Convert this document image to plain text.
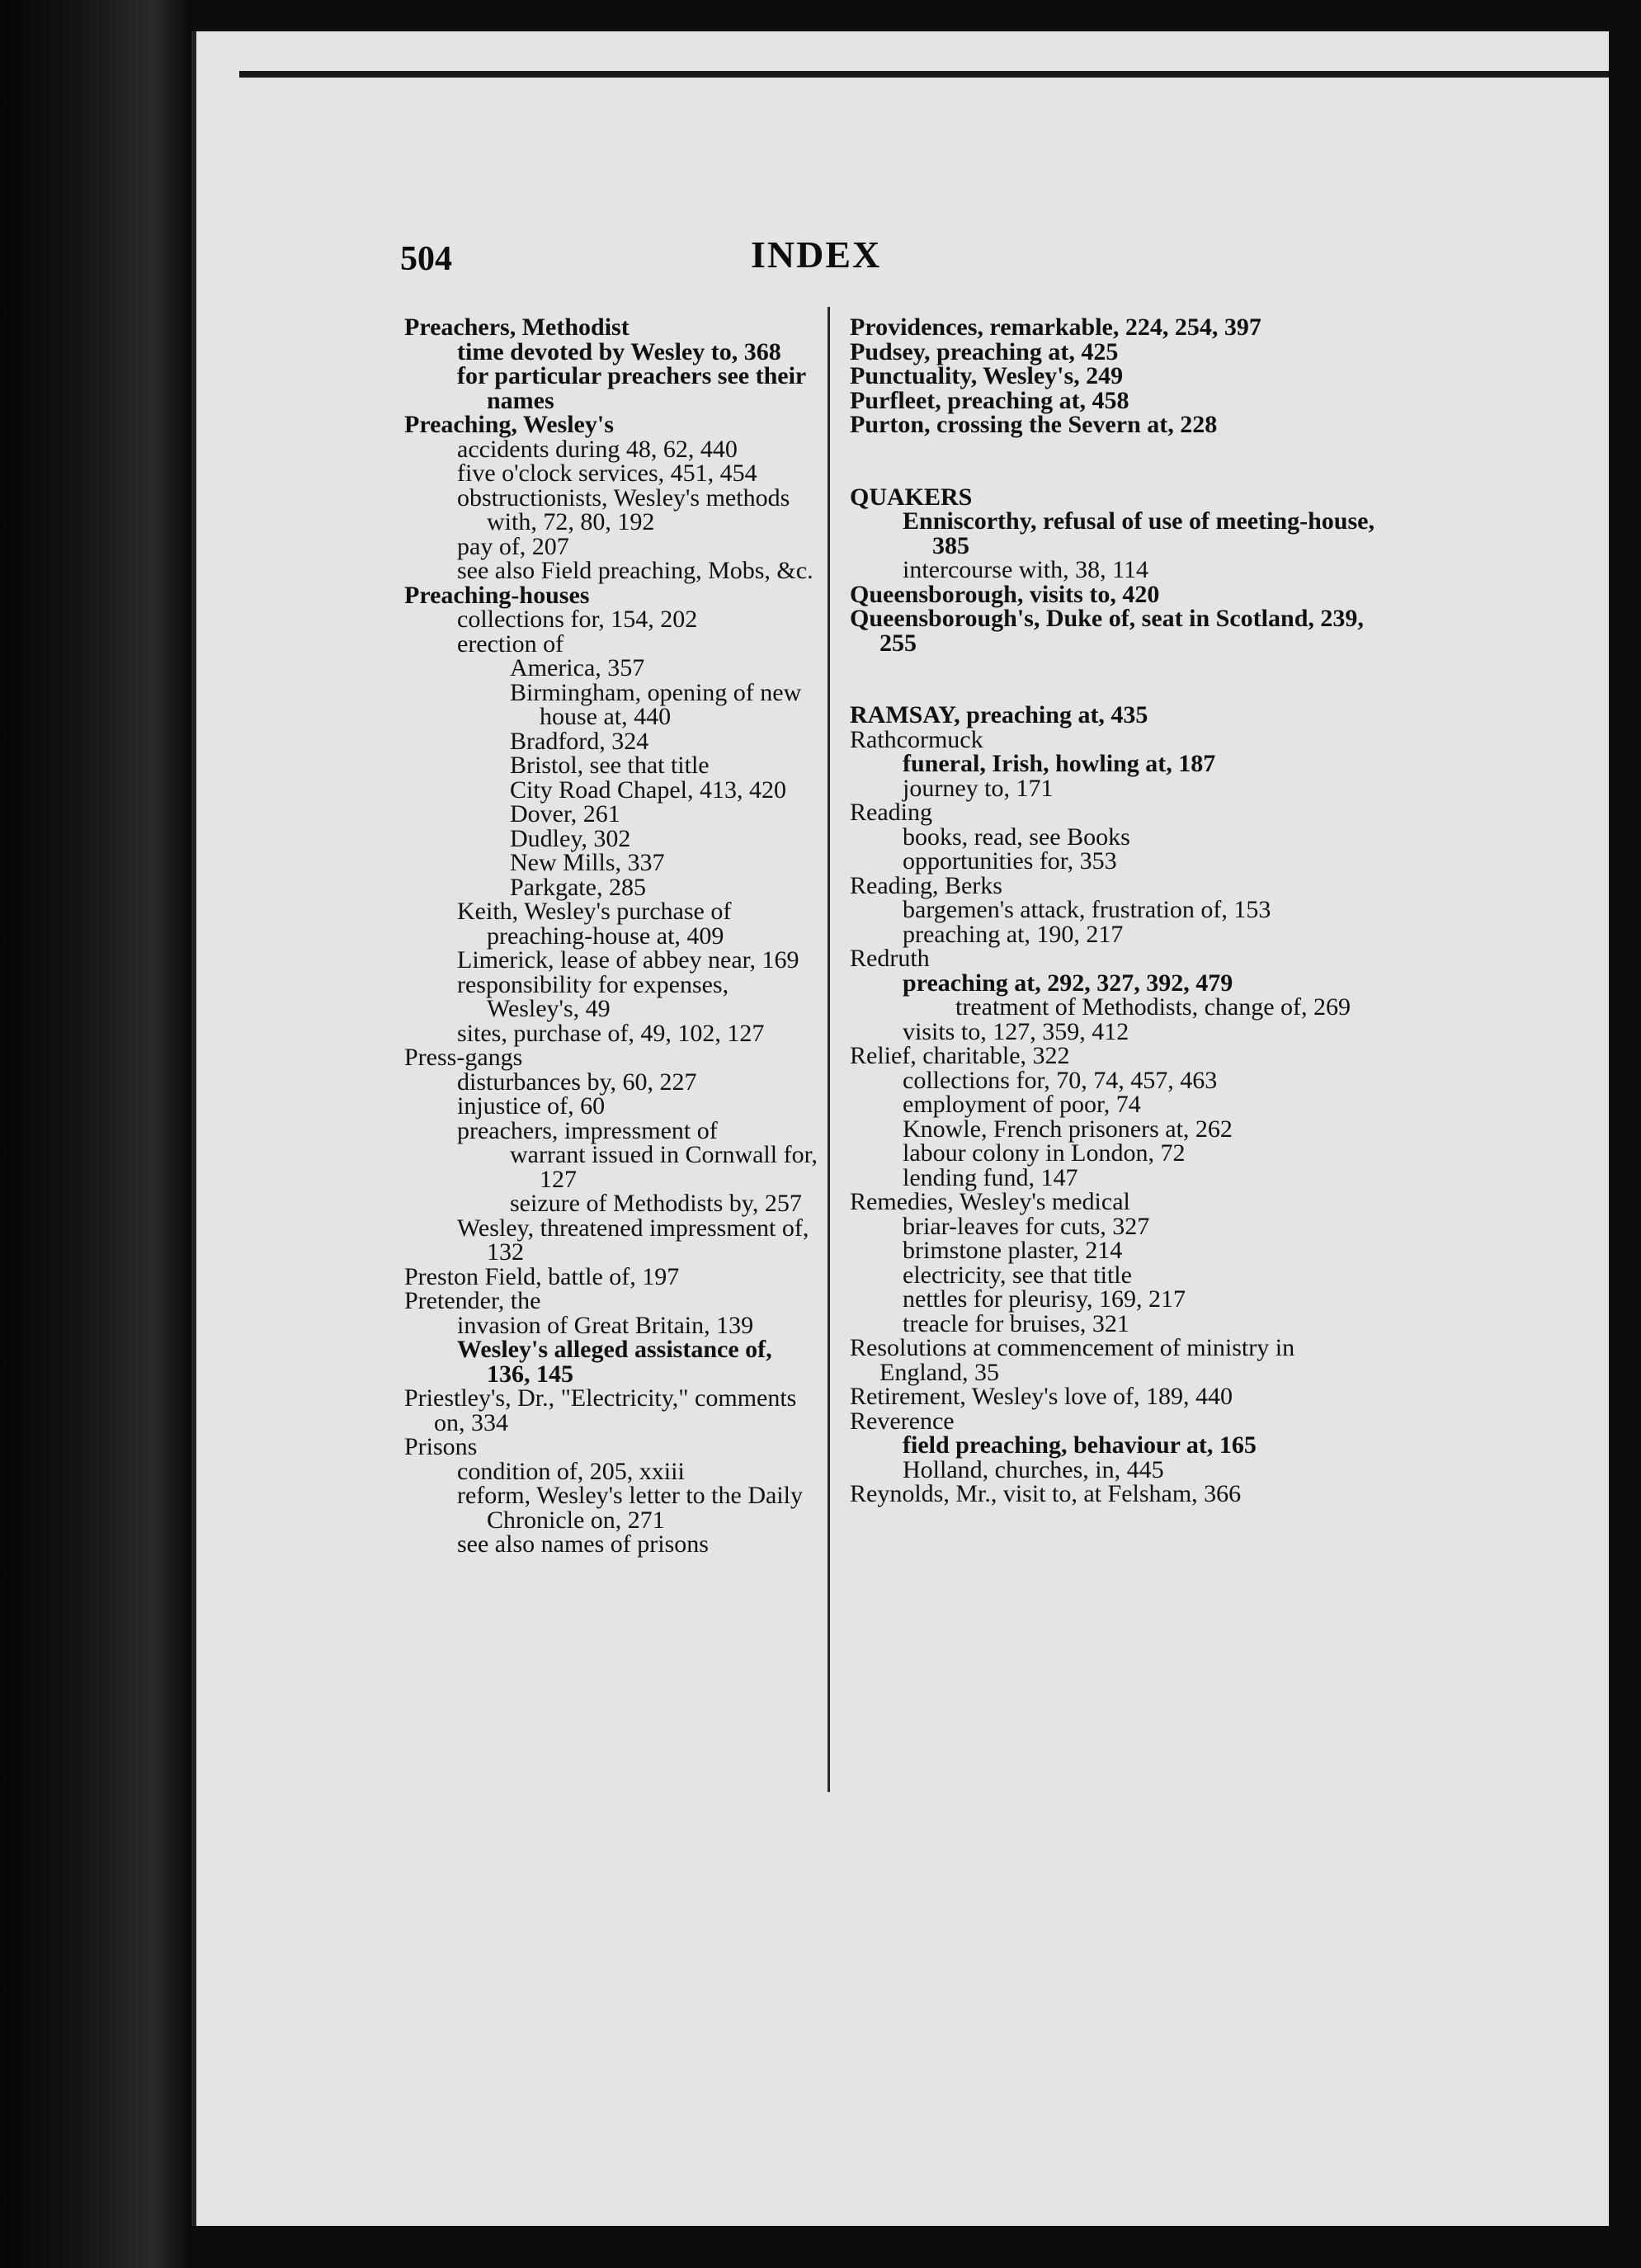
504	INDEX
Preachers, Methodist
time devoted by Wesley to, 368
for particular preachers see their names
Preaching, Wesley's
accidents during 48, 62, 440
five o'clock services, 451, 454
obstructionists, Wesley's methods with, 72, 80, 192
pay of, 207
see also Field preaching, Mobs, &c.
Preaching-houses
collections for, 154, 202
erection of
America, 357
Birmingham, opening of new house at, 440
Bradford, 324
Bristol, see that title
City Road Chapel, 413, 420
Dover, 261
Dudley, 302
New Mills, 337
Parkgate, 285
Keith, Wesley's purchase of preaching-house at, 409
Limerick, lease of abbey near, 169
responsibility for expenses, Wesley's, 49
sites, purchase of, 49, 102, 127
Press-gangs
disturbances by, 60, 227
injustice of, 60
preachers, impressment of
warrant issued in Cornwall for, 127
seizure of Methodists by, 257
Wesley, threatened impressment of, 132
Preston Field, battle of, 197
Pretender, the
invasion of Great Britain, 139
Wesley's alleged assistance of, 136, 145
Priestley's, Dr., "Electricity," comments on, 334
Prisons
condition of, 205, xxiii
reform, Wesley's letter to the Daily Chronicle on, 271
see also names of prisons
Providences, remarkable, 224, 254, 397
Pudsey, preaching at, 425
Punctuality, Wesley's, 249
Purfleet, preaching at, 458
Purton, crossing the Severn at, 228
QUAKERS
Enniscorthy, refusal of use of meeting-house, 385
intercourse with, 38, 114
Queensborough, visits to, 420
Queensborough's, Duke of, seat in Scotland, 239, 255
RAMSAY, preaching at, 435
Rathcormuck
funeral, Irish, howling at, 187
journey to, 171
Reading
books, read, see Books
opportunities for, 353
Reading, Berks
bargemen's attack, frustration of, 153
preaching at, 190, 217
Redruth
preaching at, 292, 327, 392, 479
treatment of Methodists, change of, 269
visits to, 127, 359, 412
Relief, charitable, 322
collections for, 70, 74, 457, 463
employment of poor, 74
Knowle, French prisoners at, 262
labour colony in London, 72
lending fund, 147
Remedies, Wesley's medical
briar-leaves for cuts, 327
brimstone plaster, 214
electricity, see that title
nettles for pleurisy, 169, 217
treacle for bruises, 321
Resolutions at commencement of ministry in England, 35
Retirement, Wesley's love of, 189, 440
Reverence
field preaching, behaviour at, 165
Holland, churches, in, 445
Reynolds, Mr., visit to, at Felsham, 366
